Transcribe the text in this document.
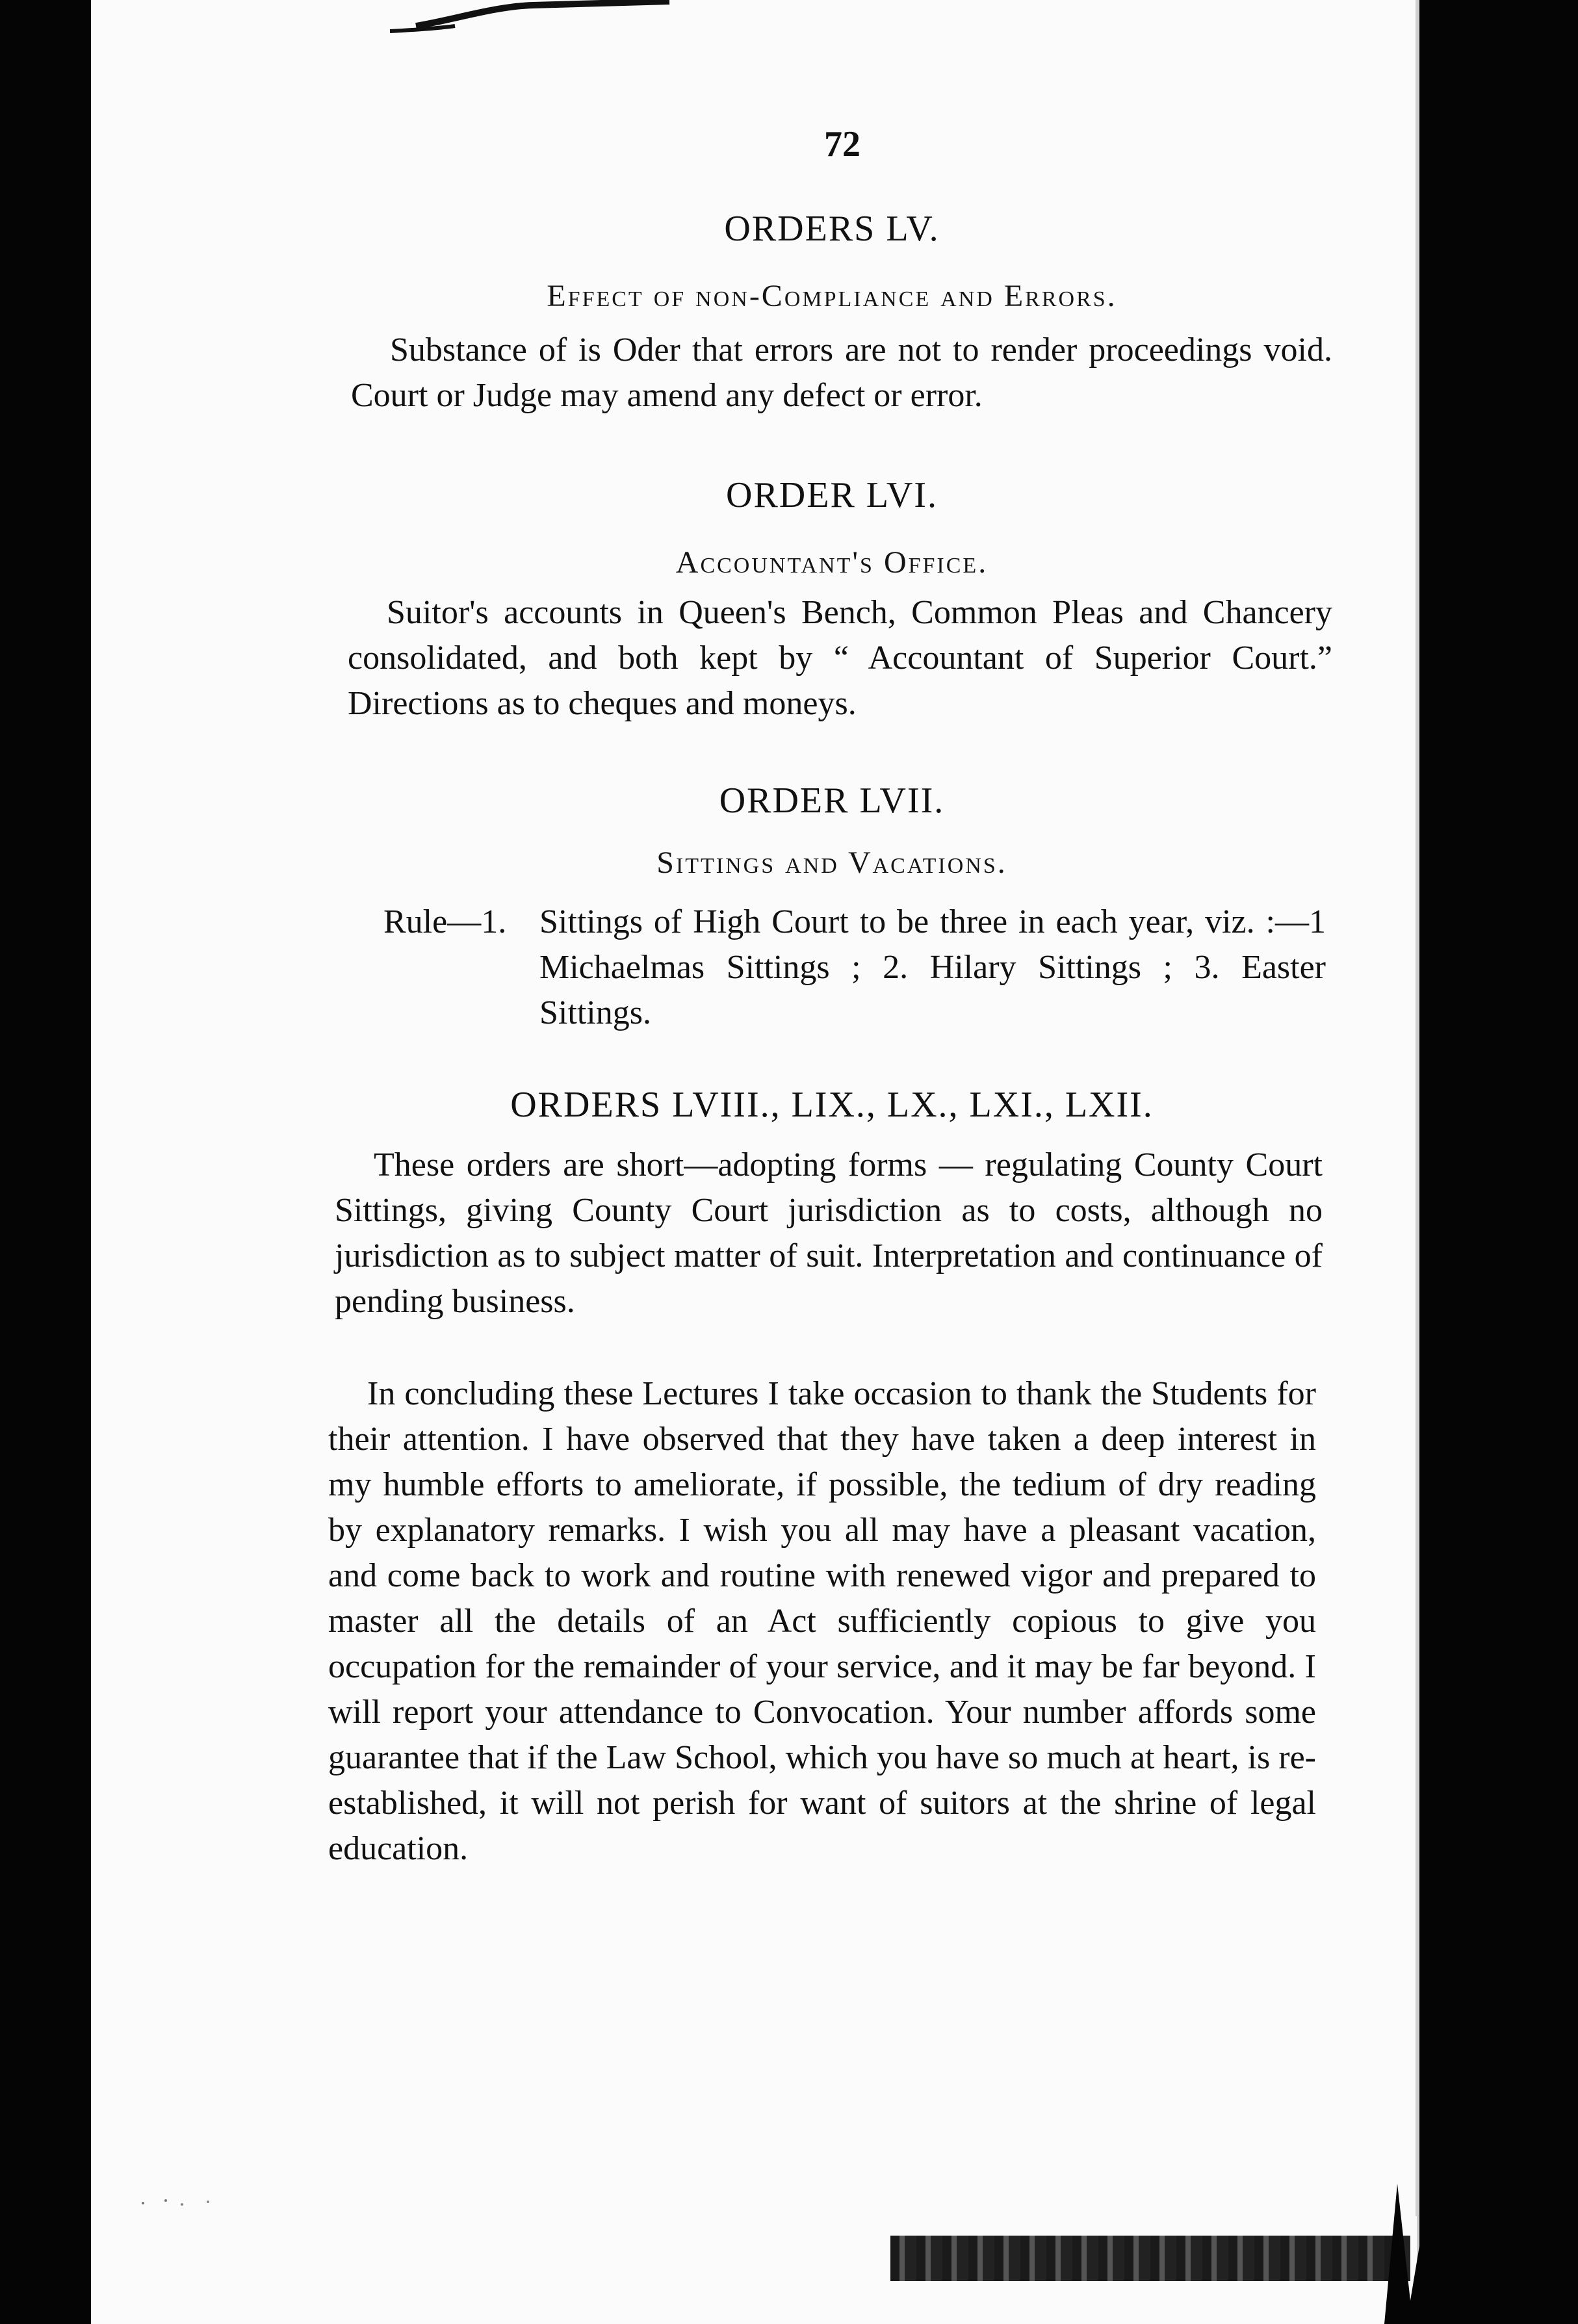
72
ORDERS LV.
Effect of non-Compliance and Errors.
Substance of is Oder that errors are not to render proceedings void. Court or Judge may amend any defect or error.
ORDER LVI.
Accountant's Office.
Suitor's accounts in Queen's Bench, Common Pleas and Chancery consolidated, and both kept by “ Accountant of Superior Court.” Directions as to cheques and moneys.
ORDER LVII.
Sittings and Vacations.
Rule—1. Sittings of High Court to be three in each year, viz. :—1 Michaelmas Sittings ; 2. Hilary Sittings ; 3. Easter Sittings.
ORDERS LVIII., LIX., LX., LXI., LXII.
These orders are short—adopting forms — regulating County Court Sittings, giving County Court jurisdiction as to costs, although no jurisdiction as to subject matter of suit. Interpretation and continuance of pending business.
In concluding these Lectures I take occasion to thank the Students for their attention. I have observed that they have taken a deep interest in my humble efforts to ameliorate, if possible, the tedium of dry reading by explanatory remarks. I wish you all may have a pleasant vacation, and come back to work and routine with renewed vigor and prepared to master all the details of an Act sufficiently copious to give you occupation for the remainder of your service, and it may be far beyond. I will report your attendance to Convocation. Your number affords some guarantee that if the Law School, which you have so much at heart, is re-established, it will not perish for want of suitors at the shrine of legal education.
